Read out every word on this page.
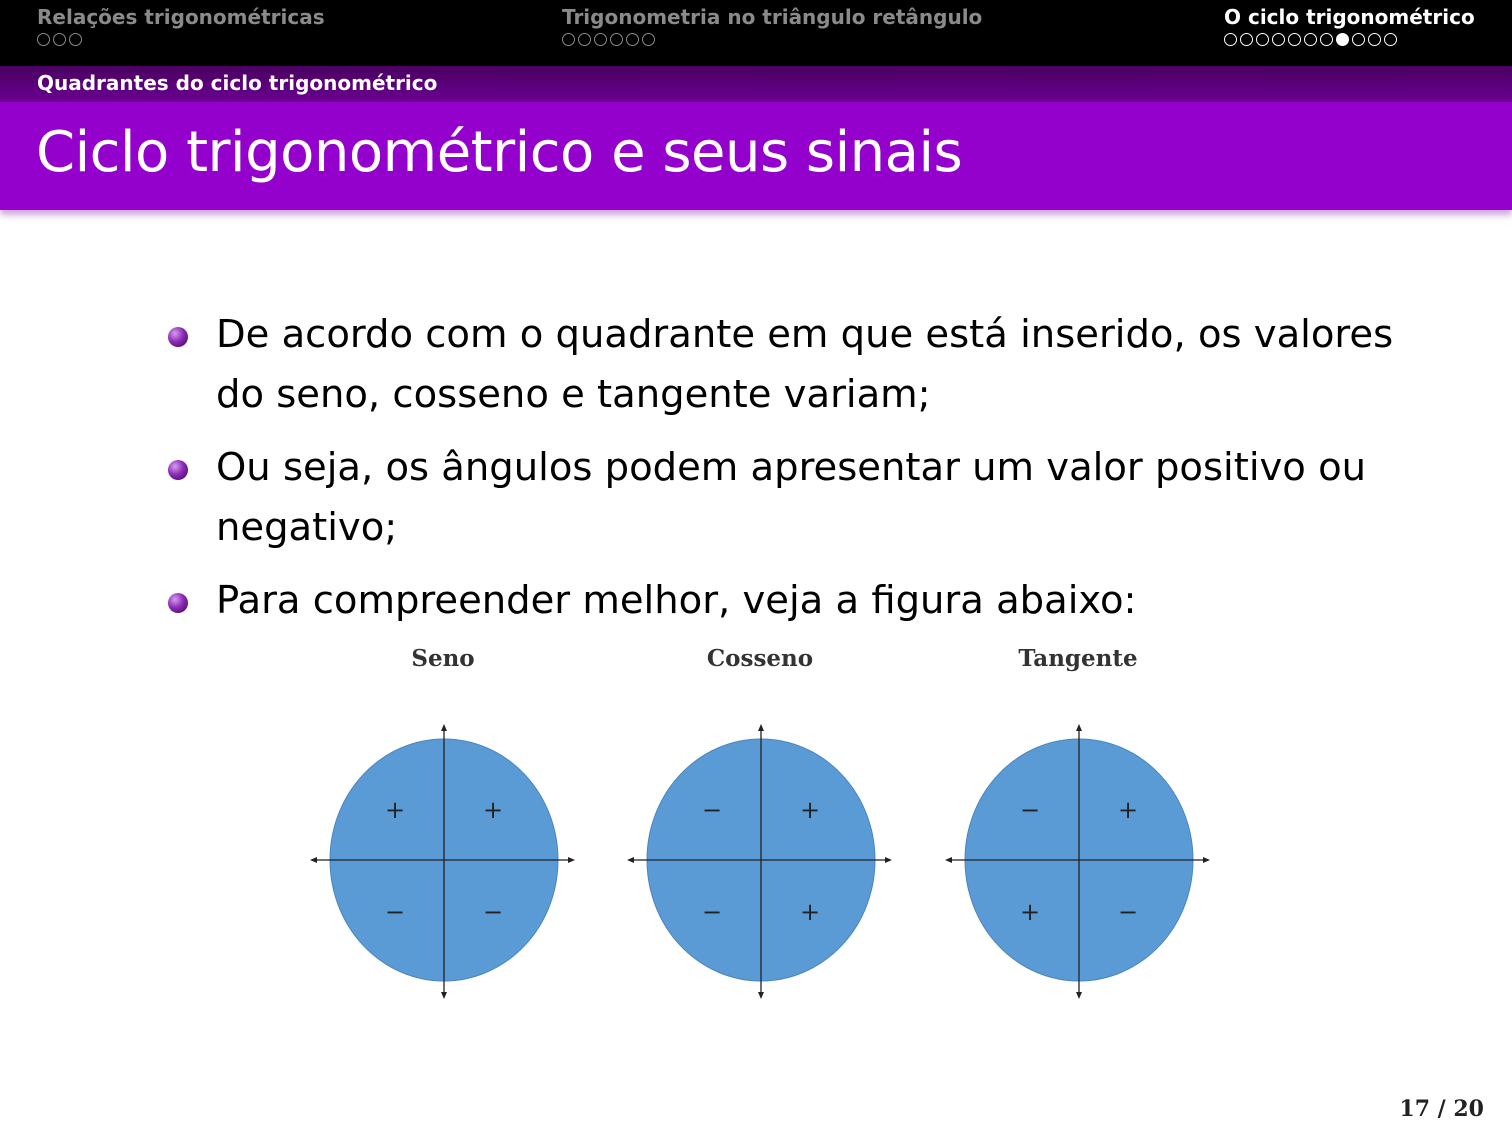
Relações trigonométricas	Trigonometria no triângulo retângulo	O ciclo trigonométrico
Quadrantes do ciclo trigonométrico
Ciclo trigonométrico e seus sinais
De acordo com o quadrante em que está inserido, os valores do seno, cosseno e tangente variam;
Ou seja, os ângulos podem apresentar um valor positivo ou negativo;
Para compreender melhor, veja a figura abaixo:
Seno	Cosseno	Tangente
+	+
−	−
−	+
−	+
−	+
+	−
17 / 20
